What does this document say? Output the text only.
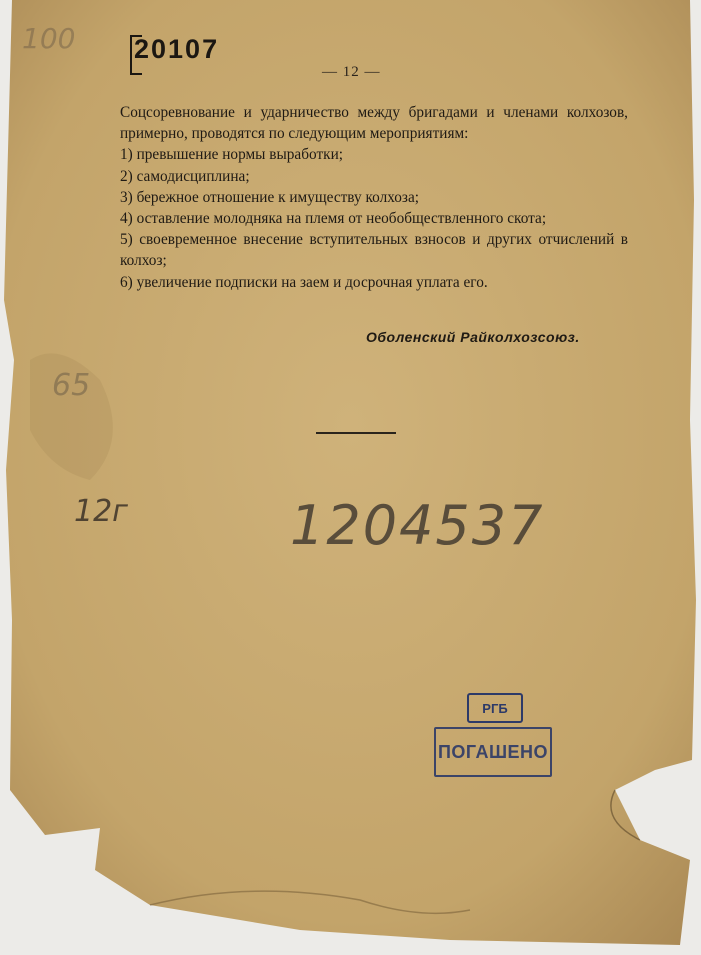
20107
— 12 —
100
65
12г	1204537

Соцсоревнование и ударничество между бригадами и членами колхозов, примерно, проводятся по следующим мероприятиям:

1) превышение нормы выработки;

2) самодисциплина;

3) бережное отношение к имуществу колхоза;

4) оставление молодняка на племя от необобществленного скота;

5) своевременное внесение вступительных взносов и других отчислений в колхоз;

6) увеличение подписки на заем и досрочная уплата его.

Оболенский Райколхозсоюз.
РГБ
ПОГАШЕНО
